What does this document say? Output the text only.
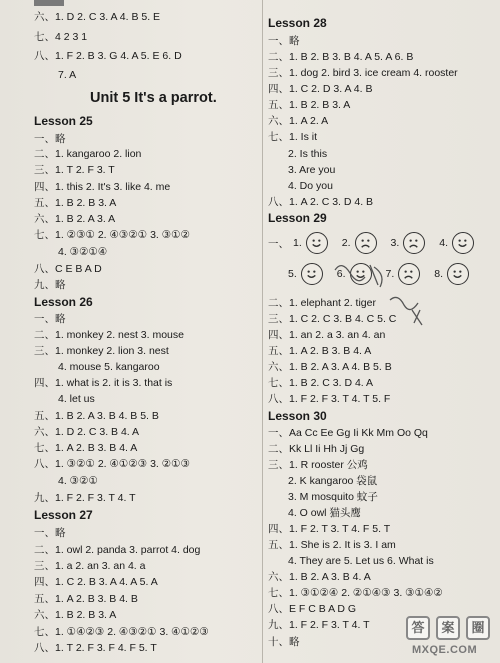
六、1. D 2. C 3. A 4. B 5. E
七、4 2 3 1
八、1. F 2. B 3. G 4. A 5. E 6. D
7. A
Unit 5 It's a parrot.
Lesson 25
一、略
二、1. kangaroo 2. lion
三、1. T 2. F 3. T
四、1. this 2. It's 3. like 4. me
五、1. B 2. B 3. A
六、1. B 2. A 3. A
七、1. ②③① 2. ④③②① 3. ③①②
4. ③②①④
八、C E B A D
九、略
Lesson 26
一、略
二、1. monkey 2. nest 3. mouse
三、1. monkey 2. lion 3. nest
4. mouse 5. kangaroo
四、1. what is 2. it is 3. that is
4. let us
五、1. B 2. A 3. B 4. B 5. B
六、1. D 2. C 3. B 4. A
七、1. A 2. B 3. B 4. A
八、1. ③②① 2. ④①②③ 3. ②①③
4. ③②①
九、1. F 2. F 3. T 4. T
Lesson 27
一、略
二、1. owl 2. panda 3. parrot 4. dog
三、1. a 2. an 3. an 4. a
四、1. C 2. B 3. A 4. A 5. A
五、1. A 2. B 3. B 4. B
六、1. B 2. B 3. A
七、1. ①④②③ 2. ④③②① 3. ④①②③
八、1. T 2. F 3. F 4. F 5. T
Lesson 28
一、略
二、1. B 2. B 3. B 4. A 5. A 6. B
三、1. dog 2. bird 3. ice cream 4. rooster
四、1. C 2. D 3. A 4. B
五、1. B 2. B 3. A
六、1. A 2. A
七、1. Is it
2. Is this
3. Are you
4. Do you
八、1. A 2. C 3. D 4. B
Lesson 29
一、 1.	2.	3.	4.
5.	6.	7.	8.
二、1. elephant 2. tiger
三、1. C 2. C 3. B 4. C 5. C
四、1. an 2. a 3. an 4. an
五、1. A 2. B 3. B 4. A
六、1. B 2. A 3. A 4. B 5. B
七、1. B 2. C 3. D 4. A
八、1. F 2. F 3. T 4. T 5. F
Lesson 30
一、Aa Cc Ee Gg Ii Kk Mm Oo Qq
二、Kk Ll Ii Hh Jj Gg
三、1. R rooster 公鸡
2. K kangaroo 袋鼠
3. M mosquito 蚊子
4. O owl 猫头鹰
四、1. F 2. T 3. T 4. F 5. T
五、1. She is 2. It is 3. I am
4. They are 5. Let us 6. What is
六、1. B 2. A 3. B 4. A
七、1. ③①②④ 2. ②①④③ 3. ③①④②
八、E F C B A D G
九、1. F 2. F 3. T 4. T
十、略
答	案	圈
MXQE.COM
